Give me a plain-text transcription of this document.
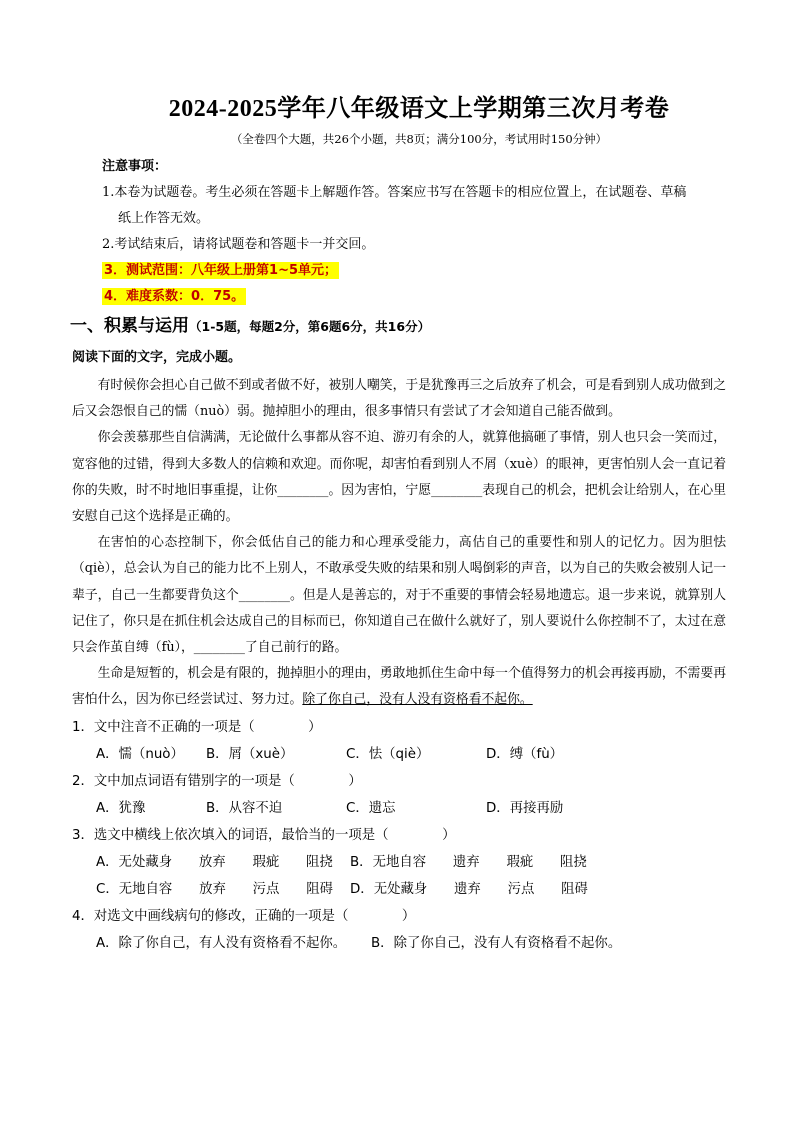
2024-2025学年八年级语文上学期第三次月考卷
（全卷四个大题，共26个小题，共8页；满分100分，考试用时150分钟）
注意事项：
1.本卷为试题卷。考生必须在答题卡上解题作答。答案应书写在答题卡的相应位置上，在试题卷、草稿
纸上作答无效。
2.考试结束后，请将试题卷和答题卡一并交回。
3．测试范围：八年级上册第1~5单元；
4．难度系数：0．75。
一、积累与运用（1-5题，每题2分，第6题6分，共16分）
阅读下面的文字，完成小题。

有时候你会担心自己做不到或者做不好，被别人嘲笑，于是犹豫再三之后放弃了机会，可是看到别人成功做到之后又会怨恨自己的懦（nuò）弱。抛掉胆小的理由，很多事情只有尝试了才会知道自己能否做到。

你会羡慕那些自信满满，无论做什么事都从容不迫、游刃有余的人，就算他搞砸了事情，别人也只会一笑而过，宽容他的过错，得到大多数人的信赖和欢迎。而你呢，却害怕看到别人不屑（xuè）的眼神，更害怕别人会一直记着你的失败，时不时地旧事重提，让你________。因为害怕，宁愿________表现自己的机会，把机会让给别人，在心里安慰自己这个选择是正确的。

在害怕的心态控制下，你会低估自己的能力和心理承受能力，高估自己的重要性和别人的记忆力。因为胆怯（qiè），总会认为自己的能力比不上别人，不敢承受失败的结果和别人喝倒彩的声音，以为自己的失败会被别人记一辈子，自己一生都要背负这个________。但是人是善忘的，对于不重要的事情会轻易地遗忘。退一步来说，就算别人记住了，你只是在抓住机会达成自己的目标而已，你知道自己在做什么就好了，别人要说什么你控制不了，太过在意只会作茧自缚（fù），________了自己前行的路。

生命是短暂的，机会是有限的，抛掉胆小的理由，勇敢地抓住生命中每一个值得努力的机会再接再励，不需要再害怕什么，因为你已经尝试过、努力过。除了你自己，没有人没有资格看不起你。

1．文中注音不正确的一项是（　　　　）
A．懦（nuò）	B．屑（xuè）	C．怯（qiè）	D．缚（fù）
2．文中加点词语有错别字的一项是（　　　　）
A．犹豫	B．从容不迫	C．遗忘	D．再接再励
3．选文中横线上依次填入的词语，最恰当的一项是（　　　　）
A．无处藏身　　放弃　　瑕疵　　阻挠	B．无地自容　　遗弃　　瑕疵　　阻挠
C．无地自容　　放弃　　污点　　阻碍	D．无处藏身　　遗弃　　污点　　阻碍
4．对选文中画线病句的修改，正确的一项是（　　　　）
A．除了你自己，有人没有资格看不起你。	B．除了你自己，没有人有资格看不起你。
